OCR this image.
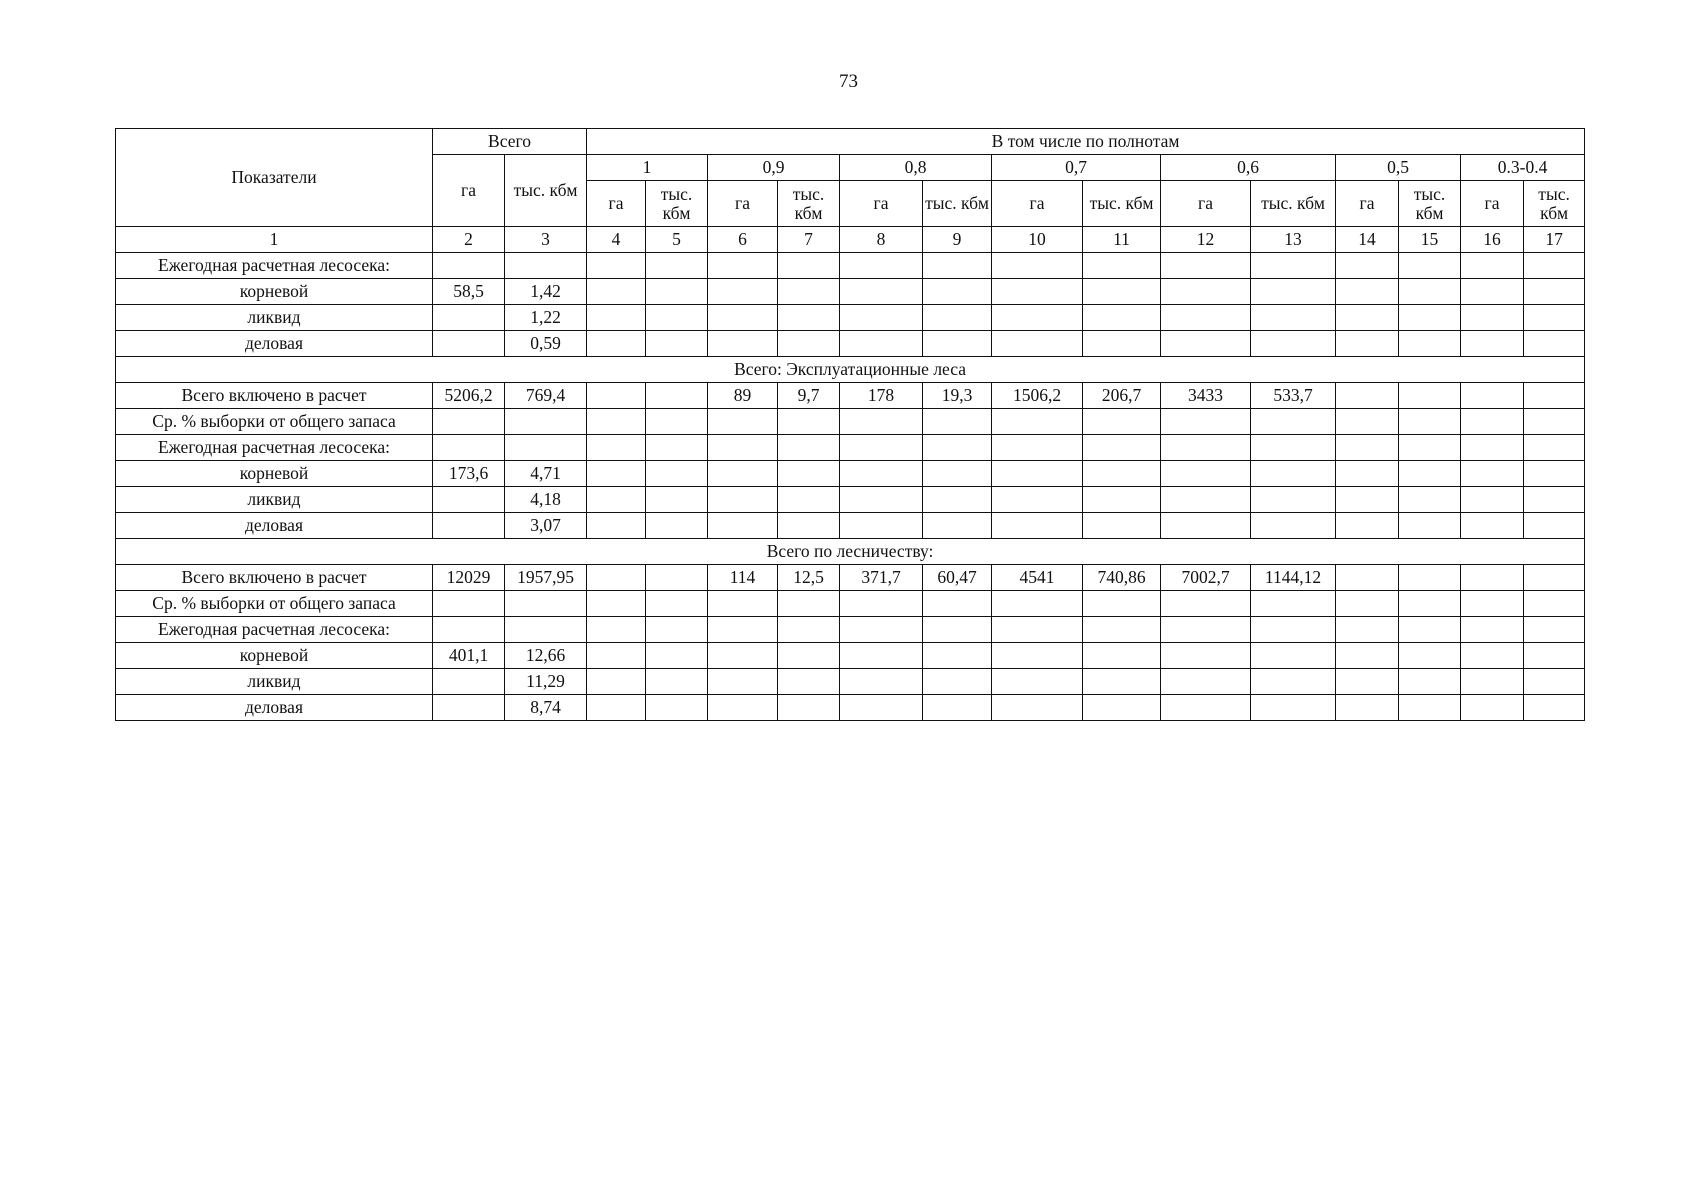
73
Показатели	Всего		В том числе по полнотам													
	га	тыс. кбм	1		0,9		0,8		0,7		0,6		0,5		0.3-0.4	
			га	тыс. кбм	га	тыс. кбм	га	тыс. кбм	га	тыс. кбм	га	тыс. кбм	га	тыс. кбм	га	тыс. кбм
1	2	3	4	5	6	7	8	9	10	11	12	13	14	15	16	17
Ежегодная расчетная лесосека:																
корневой	58,5	1,42														
ликвид		1,22														
деловая		0,59														
Всего: Эксплуатационные леса																
Всего включено в расчет	5206,2	769,4			89	9,7	178	19,3	1506,2	206,7	3433	533,7				
Ср. % выборки от общего запаса																
Ежегодная расчетная лесосека:																
корневой	173,6	4,71														
ликвид		4,18														
деловая		3,07														
Всего по лесничеству:																
Всего включено в расчет	12029	1957,95			114	12,5	371,7	60,47	4541	740,86	7002,7	1144,12				
Ср. % выборки от общего запаса																
Ежегодная расчетная лесосека:																
корневой	401,1	12,66														
ликвид		11,29														
деловая		8,74														
